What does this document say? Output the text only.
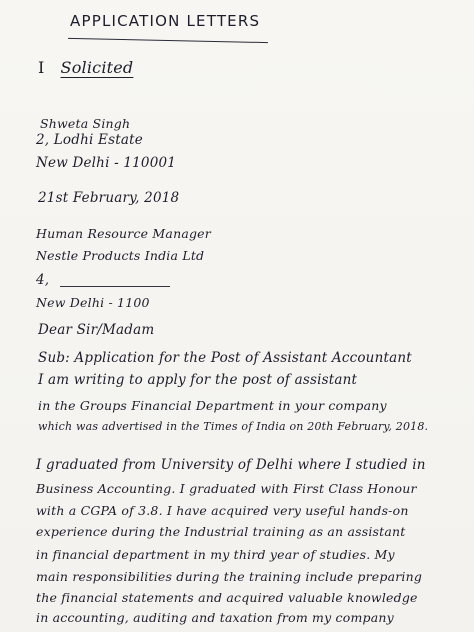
APPLICATION LETTERS
I Solicited
Shweta Singh
2, Lodhi Estate
New Delhi - 110001
21st February, 2018
Human Resource Manager
Nestle Products India Ltd
4,
New Delhi - 1100
Dear Sir/Madam
Sub: Application for the Post of Assistant Accountant
I am writing to apply for the post of assistant
in the Groups Financial Department in your company
which was advertised in the Times of India on 20th February, 2018.
I graduated from University of Delhi where I studied in
Business Accounting. I graduated with First Class Honour
with a CGPA of 3.8. I have acquired very useful hands-on
experience during the Industrial training as an assistant
in financial department in my third year of studies. My
main responsibilities during the training include preparing
the financial statements and acquired valuable knowledge
in accounting, auditing and taxation from my company
